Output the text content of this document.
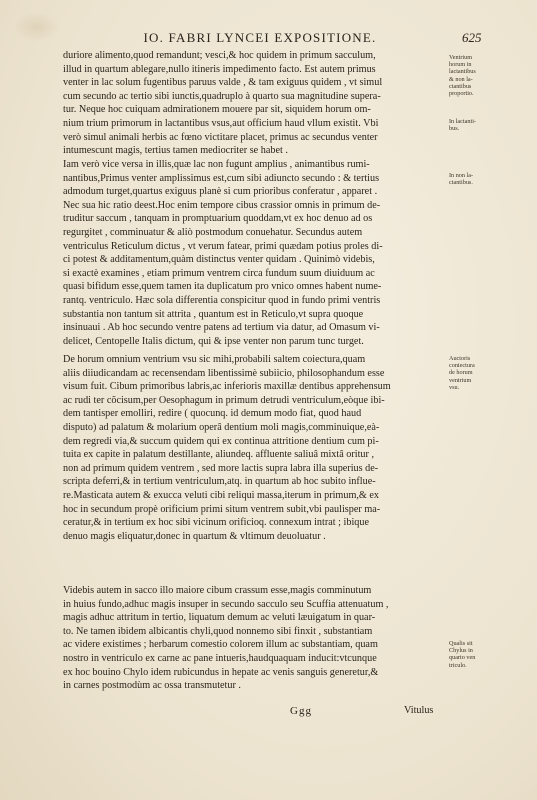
IO. FABRI LYNCEI EXPOSITIONE.	625
duriore alimento,quod remandunt; vesci,& hoc quidem in primum sacculum,
illud in quartum ablegare,nullo itineris impedimento facto. Est autem primus
venter in lac solum fugentibus paruus valde , & tam exiguus quidem , vt simul
cum secundo ac tertio sibi iunctis,quadruplo à quarto sua magnitudine supera-
tur. Neque hoc cuiquam admirationem mouere par sit, siquidem horum om-
nium trium primorum in lactantibus vsus,aut officium haud vllum existit. Vbi
verò simul animali herbis ac fœno victitare placet, primus ac secundus venter
intumescunt magis, tertius tamen mediocriter se habet .
Iam verò vice versa in illis,quæ lac non fugunt amplius , animantibus rumi-
nantibus,Primus venter amplissimus est,cum sibi adiuncto secundo : & tertius
admodum turget,quartus exiguus planè si cum prioribus conferatur , apparet .
Nec sua hic ratio deest.Hoc enim tempore cibus crassior omnis in primum de-
truditur saccum , tanquam in promptuarium quoddam,vt ex hoc denuo ad os
regurgitet , comminuatur & aliò postmodum conuehatur. Secundus autem
ventriculus Reticulum dictus , vt verum fatear, primi quædam potius proles di-
ci potest & additamentum,quàm distinctus venter quidam . Quinimò videbis,
si exactè examines , etiam primum ventrem circa fundum suum diuiduum ac
quasi bifidum esse,quem tamen ita duplicatum pro vnico omnes habent nume-
rantq. ventriculo. Hæc sola differentia conspicitur quod in fundo primi ventris
substantia non tantum sit attrita , quantum est in Reticulo,vt supra quoque
insinuaui . Ab hoc secundo ventre patens ad tertium via datur, ad Omasum vi-
delicet, Centopelle Italis dictum, qui & ipse venter non parum tunc turget.
De horum omnium ventrium vsu sic mihi,probabili saltem coiectura,quam
aliis diiudicandam ac recensendam libentissimè subiicio, philosophandum esse
visum fuit. Cibum primoribus labris,ac inferioris maxillæ dentibus apprehensum
ac rudi ter cõcisum,per Oesophagum in primum detrudi ventriculum,eòque ibi-
dem tantisper emolliri, redire ( quocunq. id demum modo fiat, quod haud
disputo) ad palatum & molarium operâ dentium moli magis,comminuique,eà-
dem regredi via,& succum quidem qui ex continua attritione dentium cum pi-
tuita ex capite in palatum destillante, aliundeq. affluente saliuâ mixtâ oritur ,
non ad primum quidem ventrem , sed more lactis supra labra illa superius de-
scripta deferri,& in tertium ventriculum,atq. in quartum ab hoc subito influe-
re.Masticata autem & exucca veluti cibi reliqui massa,iterum in primum,& ex
hoc in secundum propè orificium primi situm ventrem subit,vbi paulisper ma-
ceratur,& in tertium ex hoc sibi vicinum orificioq. connexum intrat ; ibique
denuo magis eliquatur,donec in quartum & vltimum deuoluatur .
Videbis autem in sacco illo maiore cibum crassum esse,magis comminutum
in huius fundo,adhuc magis insuper in secundo sacculo seu Scuffia attenuatum ,
magis adhuc attritum in tertio, liquatum demum ac veluti læuigatum in quar-
to. Ne tamen ibidem albicantis chyli,quod nonnemo sibi finxit , substantiam
ac videre existimes ; herbarum comestio colorem illum ac substantiam, quam
nostro in ventriculo ex carne ac pane intueris,haudquaquam inducit:vtcunque
ex hoc bouino Chylo idem rubicundus in hepate ac venis sanguis generetur,&
in carnes postmodùm ac ossa transmutetur .
Ventrium
horum in
lactantibus
& non la-
ctantibus
proportio.
In lactanti-
bus.
In non la-
ctantibus.
Auctoris
coniectura
de horum
ventrium
vsu.
Qualis sit
Chylus in
quarto ven
triculo.
Ggg	Vitulus
